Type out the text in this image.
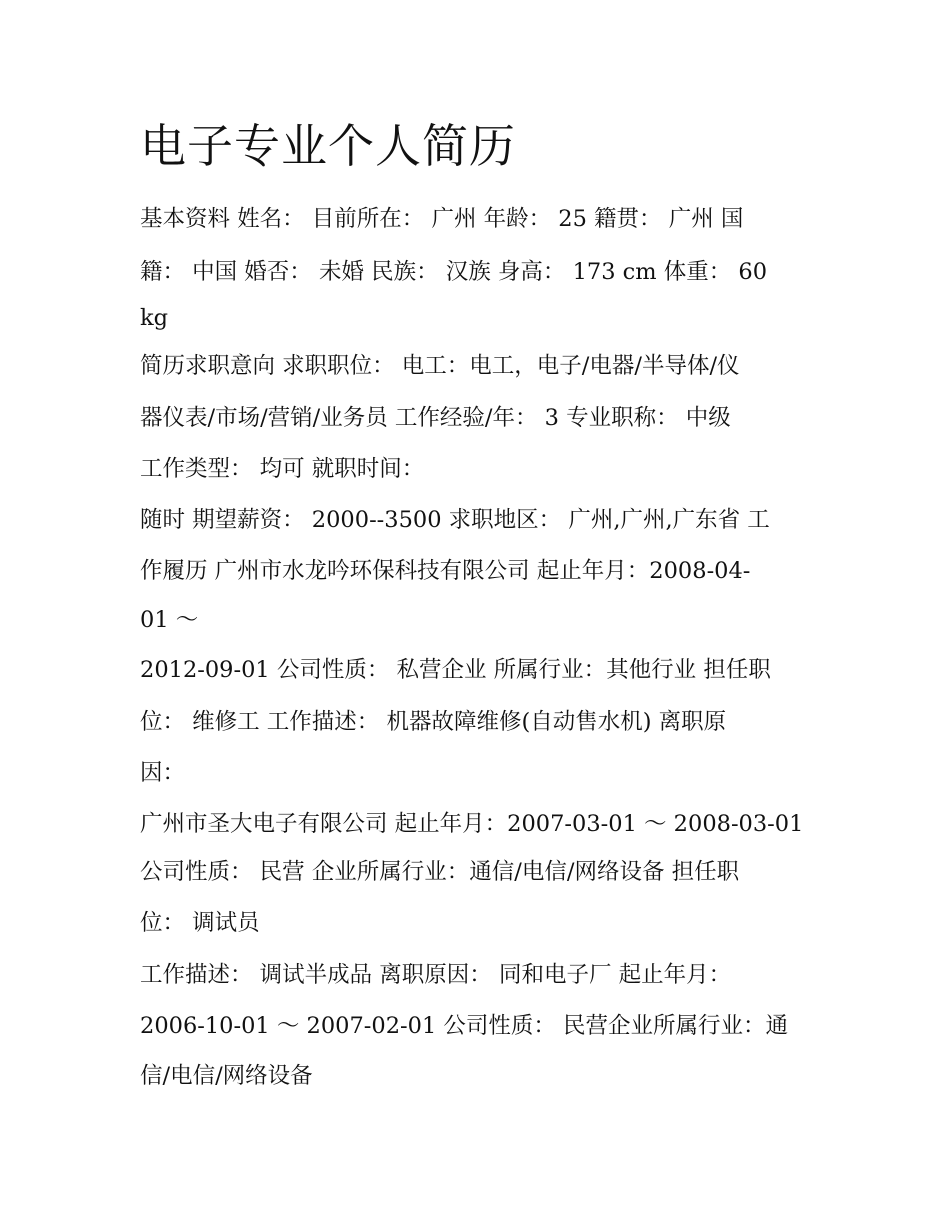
电子专业个人简历

基本资料 姓名： 目前所在： 广州 年龄： 25 籍贯： 广州 国

籍： 中国 婚否： 未婚 民族： 汉族 身高： 173 cm 体重： 60

kg

简历求职意向 求职职位： 电工：电工，电子/电器/半导体/仪

器仪表/市场/营销/业务员 工作经验/年： 3 专业职称： 中级

工作类型： 均可 就职时间：

随时 期望薪资： 2000--3500 求职地区： 广州,广州,广东省 工

作履历 广州市水龙吟环保科技有限公司 起止年月：2008-04-

01 ～

2012-09-01 公司性质： 私营企业 所属行业：其他行业 担任职

位： 维修工 工作描述： 机器故障维修(自动售水机) 离职原

因：

广州市圣大电子有限公司 起止年月：2007-03-01 ～ 2008-03-01

公司性质： 民营 企业所属行业：通信/电信/网络设备 担任职

位： 调试员

工作描述： 调试半成品 离职原因： 同和电子厂 起止年月：

2006-10-01 ～ 2007-02-01 公司性质： 民营企业所属行业：通

信/电信/网络设备
